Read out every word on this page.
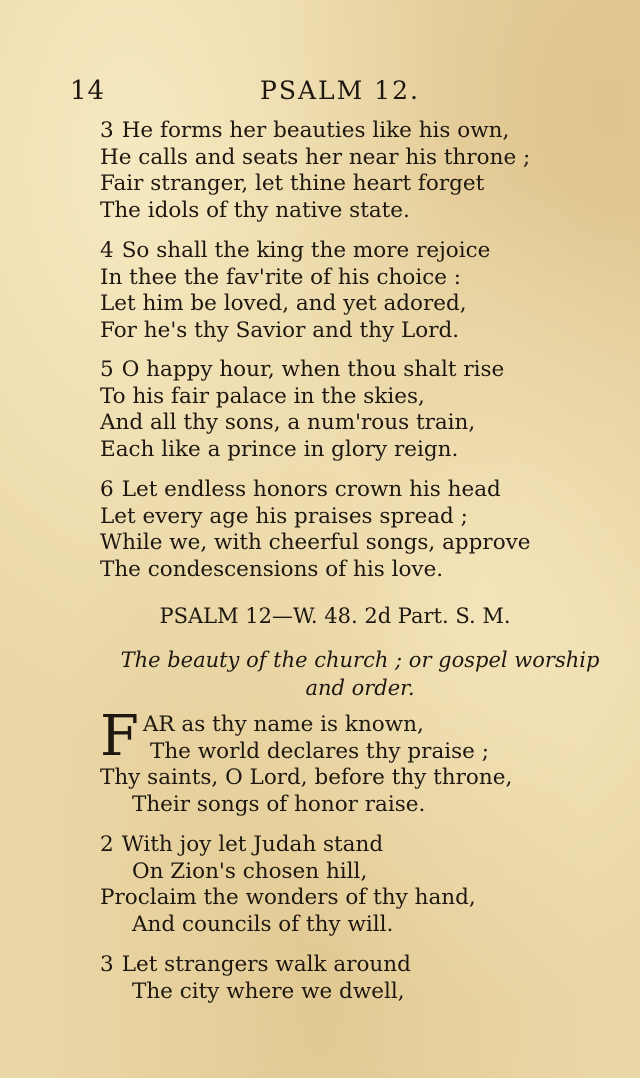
14	PSALM 12.
3 He forms her beauties like his own,
He calls and seats her near his throne ;
Fair stranger, let thine heart forget
The idols of thy native state.
4 So shall the king the more rejoice
In thee the fav'rite of his choice :
Let him be loved, and yet adored,
For he's thy Savior and thy Lord.
5 O happy hour, when thou shalt rise
To his fair palace in the skies,
And all thy sons, a num'rous train,
Each like a prince in glory reign.
6 Let endless honors crown his head
Let every age his praises spread ;
While we, with cheerful songs, approve
The condescensions of his love.
PSALM 12—W. 48. 2d Part. S. M.
The beauty of the church ; or gospel worship and order.
F AR as thy name is known,
The world declares thy praise ;
Thy saints, O Lord, before thy throne,
Their songs of honor raise.
2 With joy let Judah stand
On Zion's chosen hill,
Proclaim the wonders of thy hand,
And councils of thy will.
3 Let strangers walk around
The city where we dwell,
